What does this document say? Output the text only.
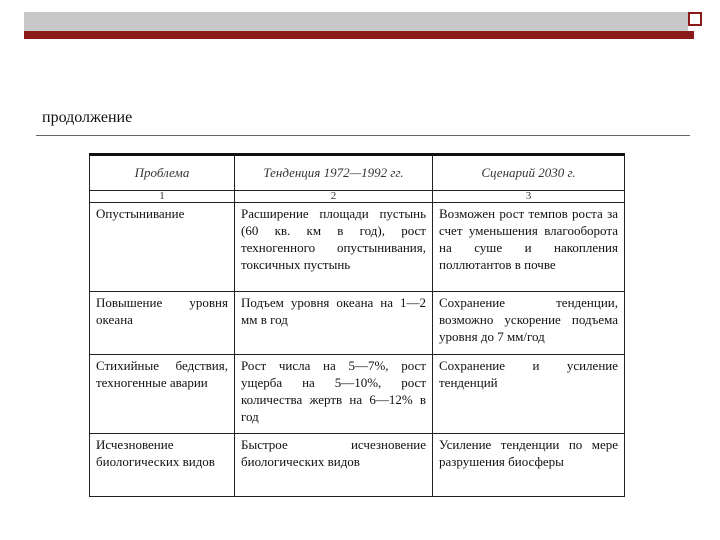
продолжение
Проблема	Тенденция 1972—1992 гг.	Сценарий 2030 г.
1	2	3
Опустынивание	Расширение площади пустынь (60 кв. км в год), рост техногенного опустынивания, токсичных пустынь	Возможен рост темпов роста за счет уменьшения влагооборота на суше и накопления поллютантов в почве
Повышение уровня океана	Подъем уровня океана на 1—2 мм в год	Сохранение тенденции, возможно ускорение подъема уровня до 7 мм/год
Стихийные бедствия, техногенные аварии	Рост числа на 5—7%, рост ущерба на 5—10%, рост количества жертв на 6—12% в год	Сохранение и усиление тенденций
Исчезновение биологических видов	Быстрое исчезновение биологических видов	Усиление тенденции по мере разрушения биосферы
